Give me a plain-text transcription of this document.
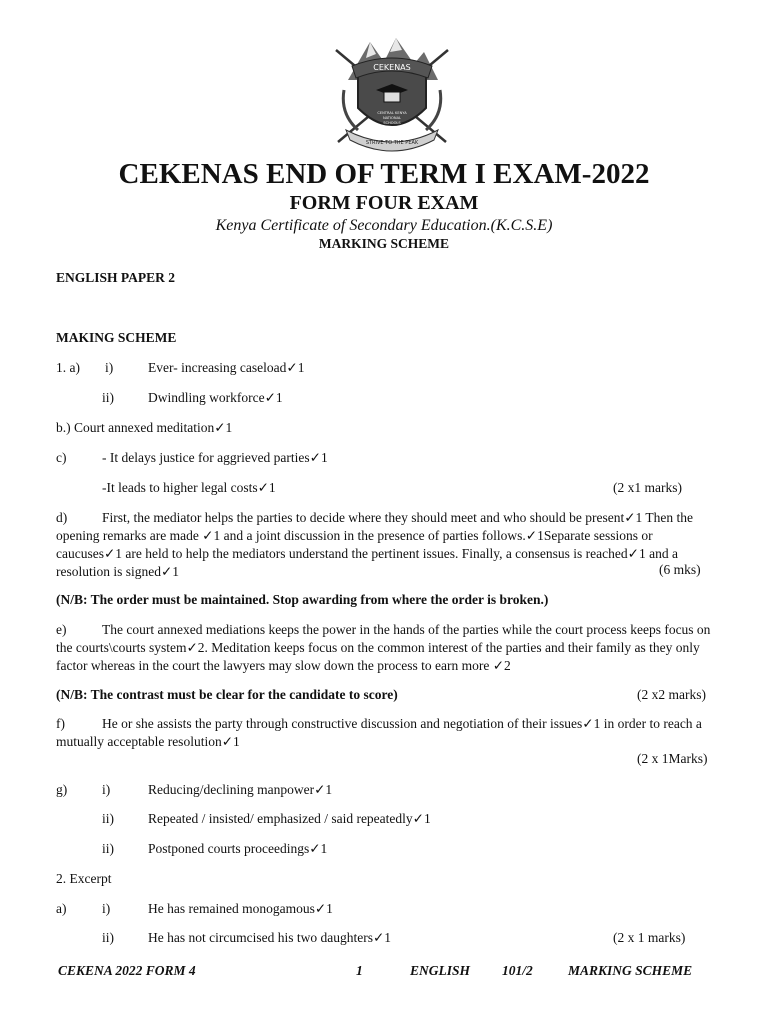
CEKENAS
CENTRAL KENYA
NATIONAL
SCHOOLS
STRIVE TO THE PEAK
CEKENAS END OF TERM I EXAM-2022
FORM FOUR EXAM
Kenya Certificate of Secondary Education.(K.C.S.E)
MARKING SCHEME
ENGLISH PAPER 2
MAKING SCHEME
1. a) i)	Ever- increasing caseload✓1
ii)	Dwindling workforce✓1
b.) Court annexed meditation✓1
c)	- It delays justice for aggrieved parties✓1
-It leads to higher legal costs✓1	(2 x1 marks)
d)	First, the mediator helps the parties to decide where they should meet and who should be present✓1 Then the opening remarks are made ✓1 and a joint discussion in the presence of parties follows.✓1Separate sessions or caucuses✓1 are held to help the mediators understand the pertinent issues. Finally, a consensus is reached✓1 and a resolution is signed✓1	(6 mks)
(N/B: The order must be maintained. Stop awarding from where the order is broken.)
e)	The court annexed mediations keeps the power in the hands of the parties while the court process keeps focus on the courts\courts system✓2. Meditation keeps focus on the common interest of the parties and their family as they only factor whereas in the court the lawyers may slow down the process to earn more ✓2
(N/B: The contrast must be clear for the candidate to score)	(2 x2 marks)
f)	He or she assists the party through constructive discussion and negotiation of their issues✓1 in order to reach a mutually acceptable resolution✓1
(2 x 1Marks)
g)	i)	Reducing/declining manpower✓1
ii)	Repeated / insisted/ emphasized / said repeatedly✓1
ii)	Postponed courts proceedings✓1
2. Excerpt
a)	i)	He has remained monogamous✓1
ii)	He has not circumcised his two daughters✓1	(2 x 1 marks)
CEKENA 2022 FORM 4	1	ENGLISH 101/2	MARKING SCHEME
